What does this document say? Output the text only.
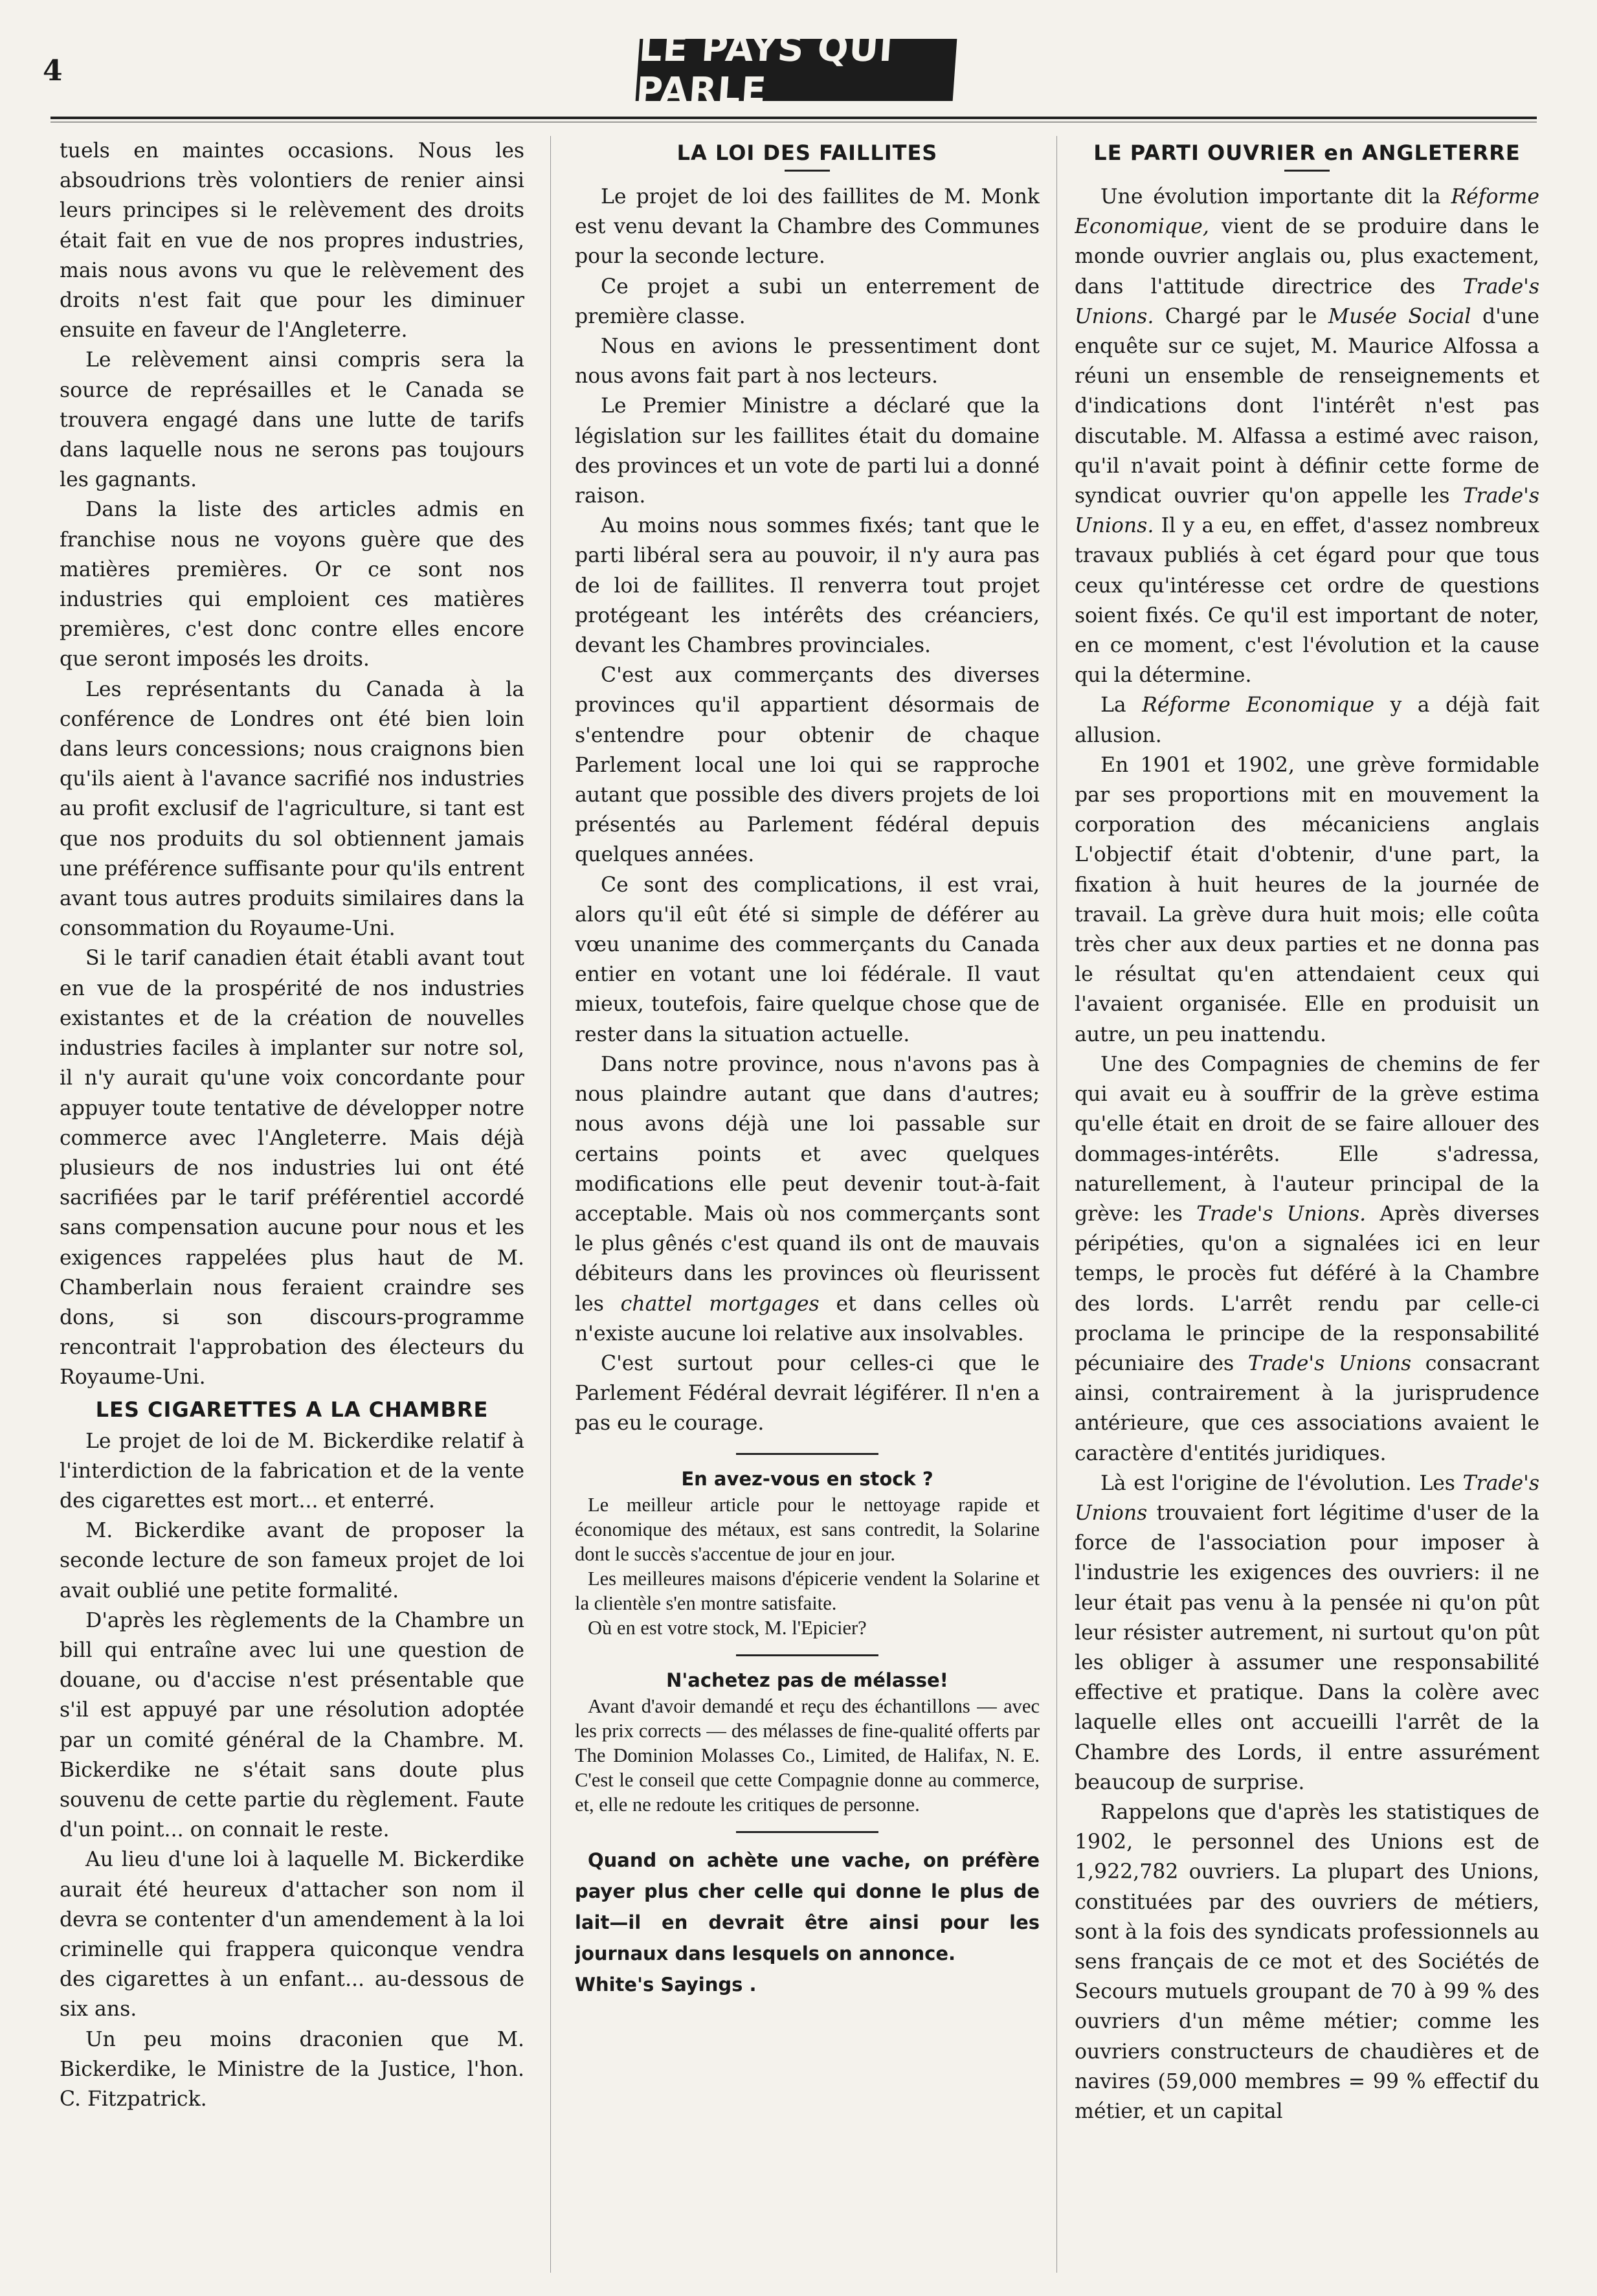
4
LE PAYS QUI PARLE

tuels en maintes occasions. Nous les absoudrions très volontiers de renier ainsi leurs principes si le relèvement des droits était fait en vue de nos propres industries, mais nous avons vu que le relèvement des droits n'est fait que pour les diminuer ensuite en faveur de l'Angleterre.

Le relèvement ainsi compris sera la source de représailles et le Canada se trouvera engagé dans une lutte de tarifs dans laquelle nous ne serons pas toujours les gagnants.

Dans la liste des articles admis en franchise nous ne voyons guère que des matières premières. Or ce sont nos industries qui emploient ces matières premières, c'est donc contre elles encore que seront imposés les droits.

Les représentants du Canada à la conférence de Londres ont été bien loin dans leurs concessions; nous craignons bien qu'ils aient à l'avance sacrifié nos industries au profit exclusif de l'agriculture, si tant est que nos produits du sol obtiennent jamais une préférence suffisante pour qu'ils entrent avant tous autres produits similaires dans la consommation du Royaume-Uni.

Si le tarif canadien était établi avant tout en vue de la prospérité de nos industries existantes et de la création de nouvelles industries faciles à implanter sur notre sol, il n'y aurait qu'une voix concordante pour appuyer toute tentative de développer notre commerce avec l'Angleterre. Mais déjà plusieurs de nos industries lui ont été sacrifiées par le tarif préférentiel accordé sans compensation aucune pour nous et les exigences rappelées plus haut de M. Chamberlain nous feraient craindre ses dons, si son discours-programme rencontrait l'approbation des électeurs du Royaume-Uni.

LES CIGARETTES A LA CHAMBRE

Le projet de loi de M. Bickerdike relatif à l'interdiction de la fabrication et de la vente des cigarettes est mort... et enterré.

M. Bickerdike avant de proposer la seconde lecture de son fameux projet de loi avait oublié une petite formalité.

D'après les règlements de la Chambre un bill qui entraîne avec lui une question de douane, ou d'accise n'est présentable que s'il est appuyé par une résolution adoptée par un comité général de la Chambre. M. Bickerdike ne s'était sans doute plus souvenu de cette partie du règlement. Faute d'un point... on connait le reste.

Au lieu d'une loi à laquelle M. Bickerdike aurait été heureux d'attacher son nom il devra se contenter d'un amendement à la loi criminelle qui frappera quiconque vendra des cigarettes à un enfant... au-dessous de six ans.

Un peu moins draconien que M. Bickerdike, le Ministre de la Justice, l'hon. C. Fitzpatrick.

LA LOI DES FAILLITES

Le projet de loi des faillites de M. Monk est venu devant la Chambre des Communes pour la seconde lecture.

Ce projet a subi un enterrement de première classe.

Nous en avions le pressentiment dont nous avons fait part à nos lecteurs.

Le Premier Ministre a déclaré que la législation sur les faillites était du domaine des provinces et un vote de parti lui a donné raison.

Au moins nous sommes fixés; tant que le parti libéral sera au pouvoir, il n'y aura pas de loi de faillites. Il renverra tout projet protégeant les intérêts des créanciers, devant les Chambres provinciales.

C'est aux commerçants des diverses provinces qu'il appartient désormais de s'entendre pour obtenir de chaque Parlement local une loi qui se rapproche autant que possible des divers projets de loi présentés au Parlement fédéral depuis quelques années.

Ce sont des complications, il est vrai, alors qu'il eût été si simple de déférer au vœu unanime des commerçants du Canada entier en votant une loi fédérale. Il vaut mieux, toutefois, faire quelque chose que de rester dans la situation actuelle.

Dans notre province, nous n'avons pas à nous plaindre autant que dans d'autres; nous avons déjà une loi passable sur certains points et avec quelques modifications elle peut devenir tout-à-fait acceptable. Mais où nos commerçants sont le plus gênés c'est quand ils ont de mauvais débiteurs dans les provinces où fleurissent les chattel mortgages et dans celles où n'existe aucune loi relative aux insolvables.

C'est surtout pour celles-ci que le Parlement Fédéral devrait légiférer. Il n'en a pas eu le courage.

En avez-vous en stock ?

Le meilleur article pour le nettoyage rapide et économique des métaux, est sans contredit, la Solarine dont le succès s'accentue de jour en jour.

Les meilleures maisons d'épicerie vendent la Solarine et la clientèle s'en montre satisfaite.

Où en est votre stock, M. l'Epicier?

N'achetez pas de mélasse!

Avant d'avoir demandé et reçu des échantillons — avec les prix corrects — des mélasses de fine-qualité offerts par The Dominion Molasses Co., Limited, de Halifax, N. E. C'est le conseil que cette Compagnie donne au commerce, et, elle ne redoute les critiques de personne.

Quand on achète une vache, on préfère payer plus cher celle qui donne le plus de lait—il en devrait être ainsi pour les journaux dans lesquels on annonce.

White's Sayings .

LE PARTI OUVRIER en ANGLETERRE

Une évolution importante dit la Réforme Economique, vient de se produire dans le monde ouvrier anglais ou, plus exactement, dans l'attitude directrice des Trade's Unions. Chargé par le Musée Social d'une enquête sur ce sujet, M. Maurice Alfossa a réuni un ensemble de renseignements et d'indications dont l'intérêt n'est pas discutable. M. Alfassa a estimé avec raison, qu'il n'avait point à définir cette forme de syndicat ouvrier qu'on appelle les Trade's Unions. Il y a eu, en effet, d'assez nombreux travaux publiés à cet égard pour que tous ceux qu'intéresse cet ordre de questions soient fixés. Ce qu'il est important de noter, en ce moment, c'est l'évolution et la cause qui la détermine.

La Réforme Economique y a déjà fait allusion.

En 1901 et 1902, une grève formidable par ses proportions mit en mouvement la corporation des mécaniciens anglais L'objectif était d'obtenir, d'une part, la fixation à huit heures de la journée de travail. La grève dura huit mois; elle coûta très cher aux deux parties et ne donna pas le résultat qu'en attendaient ceux qui l'avaient organisée. Elle en produisit un autre, un peu inattendu.

Une des Compagnies de chemins de fer qui avait eu à souffrir de la grève estima qu'elle était en droit de se faire allouer des dommages-intérêts. Elle s'adressa, naturellement, à l'auteur principal de la grève: les Trade's Unions. Après diverses péripéties, qu'on a signalées ici en leur temps, le procès fut déféré à la Chambre des lords. L'arrêt rendu par celle-ci proclama le principe de la responsabilité pécuniaire des Trade's Unions consacrant ainsi, contrairement à la jurisprudence antérieure, que ces associations avaient le caractère d'entités juridiques.

Là est l'origine de l'évolution. Les Trade's Unions trouvaient fort légitime d'user de la force de l'association pour imposer à l'industrie les exigences des ouvriers: il ne leur était pas venu à la pensée ni qu'on pût leur résister autrement, ni surtout qu'on pût les obliger à assumer une responsabilité effective et pratique. Dans la colère avec laquelle elles ont accueilli l'arrêt de la Chambre des Lords, il entre assurément beaucoup de surprise.

Rappelons que d'après les statistiques de 1902, le personnel des Unions est de 1,922,782 ouvriers. La plupart des Unions, constituées par des ouvriers de métiers, sont à la fois des syndicats professionnels au sens français de ce mot et des Sociétés de Secours mutuels groupant de 70 à 99 % des ouvriers d'un même métier; comme les ouvriers constructeurs de chaudières et de navires (59,000 membres = 99 % effectif du métier, et un capital
